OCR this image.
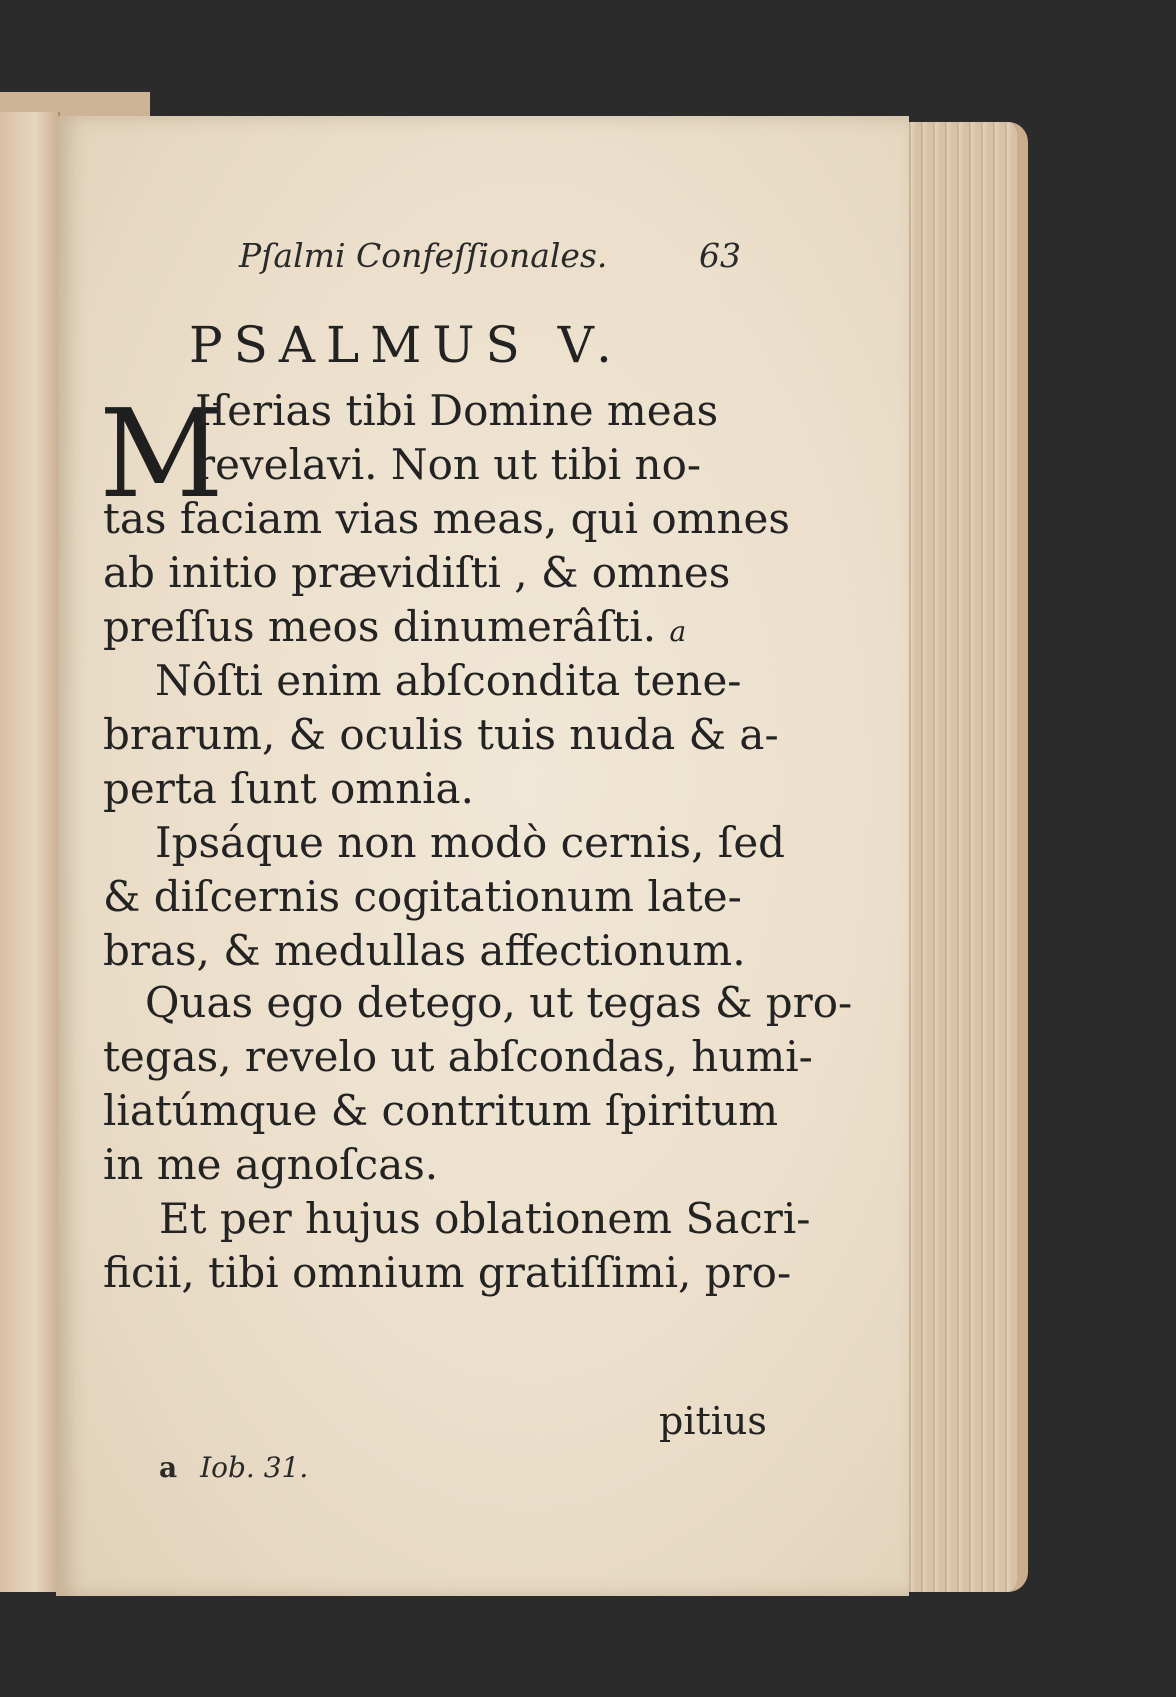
Pſalmi Confeſſionales.	63
PSALMUS V.
M
Iſerias tibi Domine meas
revelavi. Non ut tibi no-
tas faciam vias meas, qui omnes
ab initio prævidiſti , & omnes
preſſus meos dinumerâſti. a
Nôſti enim abſcondita tene-
brarum, & oculis tuis nuda & a-
perta ſunt omnia.
Ipsáque non modò cernis, ſed
& diſcernis cogitationum late-
bras, & medullas affectionum.
Quas ego detego, ut tegas & pro-
tegas, revelo ut abſcondas, humi-
liatúmque & contritum ſpiritum
in me agnoſcas.
Et per hujus oblationem Sacri-
ficii, tibi omnium gratiſſimi, pro-
pitius
a Iob. 31.
